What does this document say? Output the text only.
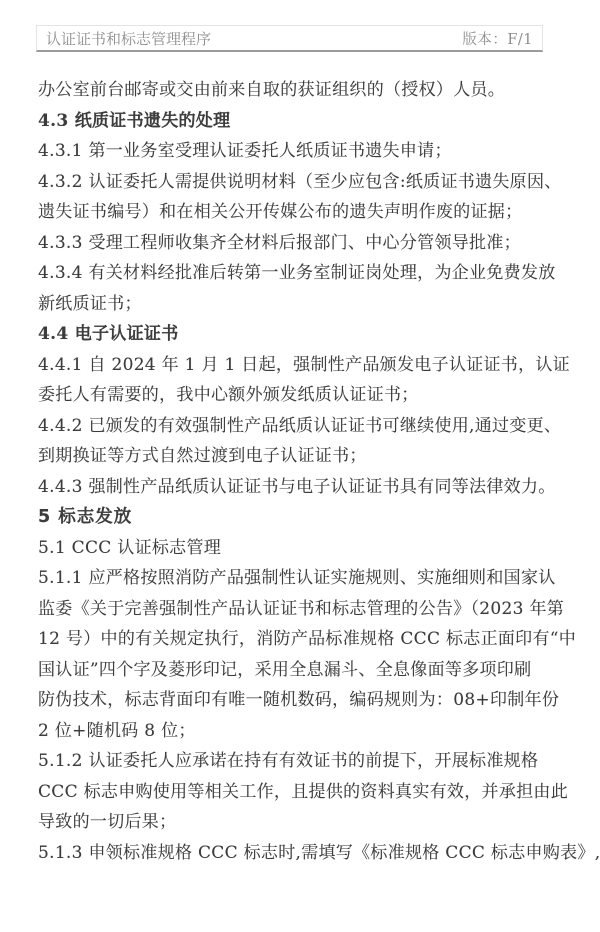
认证证书和标志管理程序	版本：F/1
办公室前台邮寄或交由前来自取的获证组织的（授权）人员。
4.3 纸质证书遗失的处理
4.3.1 第一业务室受理认证委托人纸质证书遗失申请；
4.3.2 认证委托人需提供说明材料（至少应包含:纸质证书遗失原因、
遗失证书编号）和在相关公开传媒公布的遗失声明作废的证据；
4.3.3 受理工程师收集齐全材料后报部门、中心分管领导批准；
4.3.4 有关材料经批准后转第一业务室制证岗处理，为企业免费发放
新纸质证书；
4.4 电子认证证书
4.4.1 自 2024 年 1 月 1 日起，强制性产品颁发电子认证证书，认证
委托人有需要的，我中心额外颁发纸质认证证书；
4.4.2 已颁发的有效强制性产品纸质认证证书可继续使用,通过变更、
到期换证等方式自然过渡到电子认证证书；
4.4.3 强制性产品纸质认证证书与电子认证证书具有同等法律效力。
5 标志发放
5.1 CCC 认证标志管理
5.1.1 应严格按照消防产品强制性认证实施规则、实施细则和国家认
监委《关于完善强制性产品认证证书和标志管理的公告》（2023 年第
12 号）中的有关规定执行，消防产品标准规格 CCC 标志正面印有“中
国认证”四个字及菱形印记，采用全息漏斗、全息像面等多项印刷
防伪技术，标志背面印有唯一随机数码，编码规则为：08+印制年份
2 位+随机码 8 位；
5.1.2 认证委托人应承诺在持有有效证书的前提下，开展标准规格
CCC 标志申购使用等相关工作，且提供的资料真实有效，并承担由此
导致的一切后果；
5.1.3 申领标准规格 CCC 标志时,需填写《标准规格 CCC 标志申购表》,
